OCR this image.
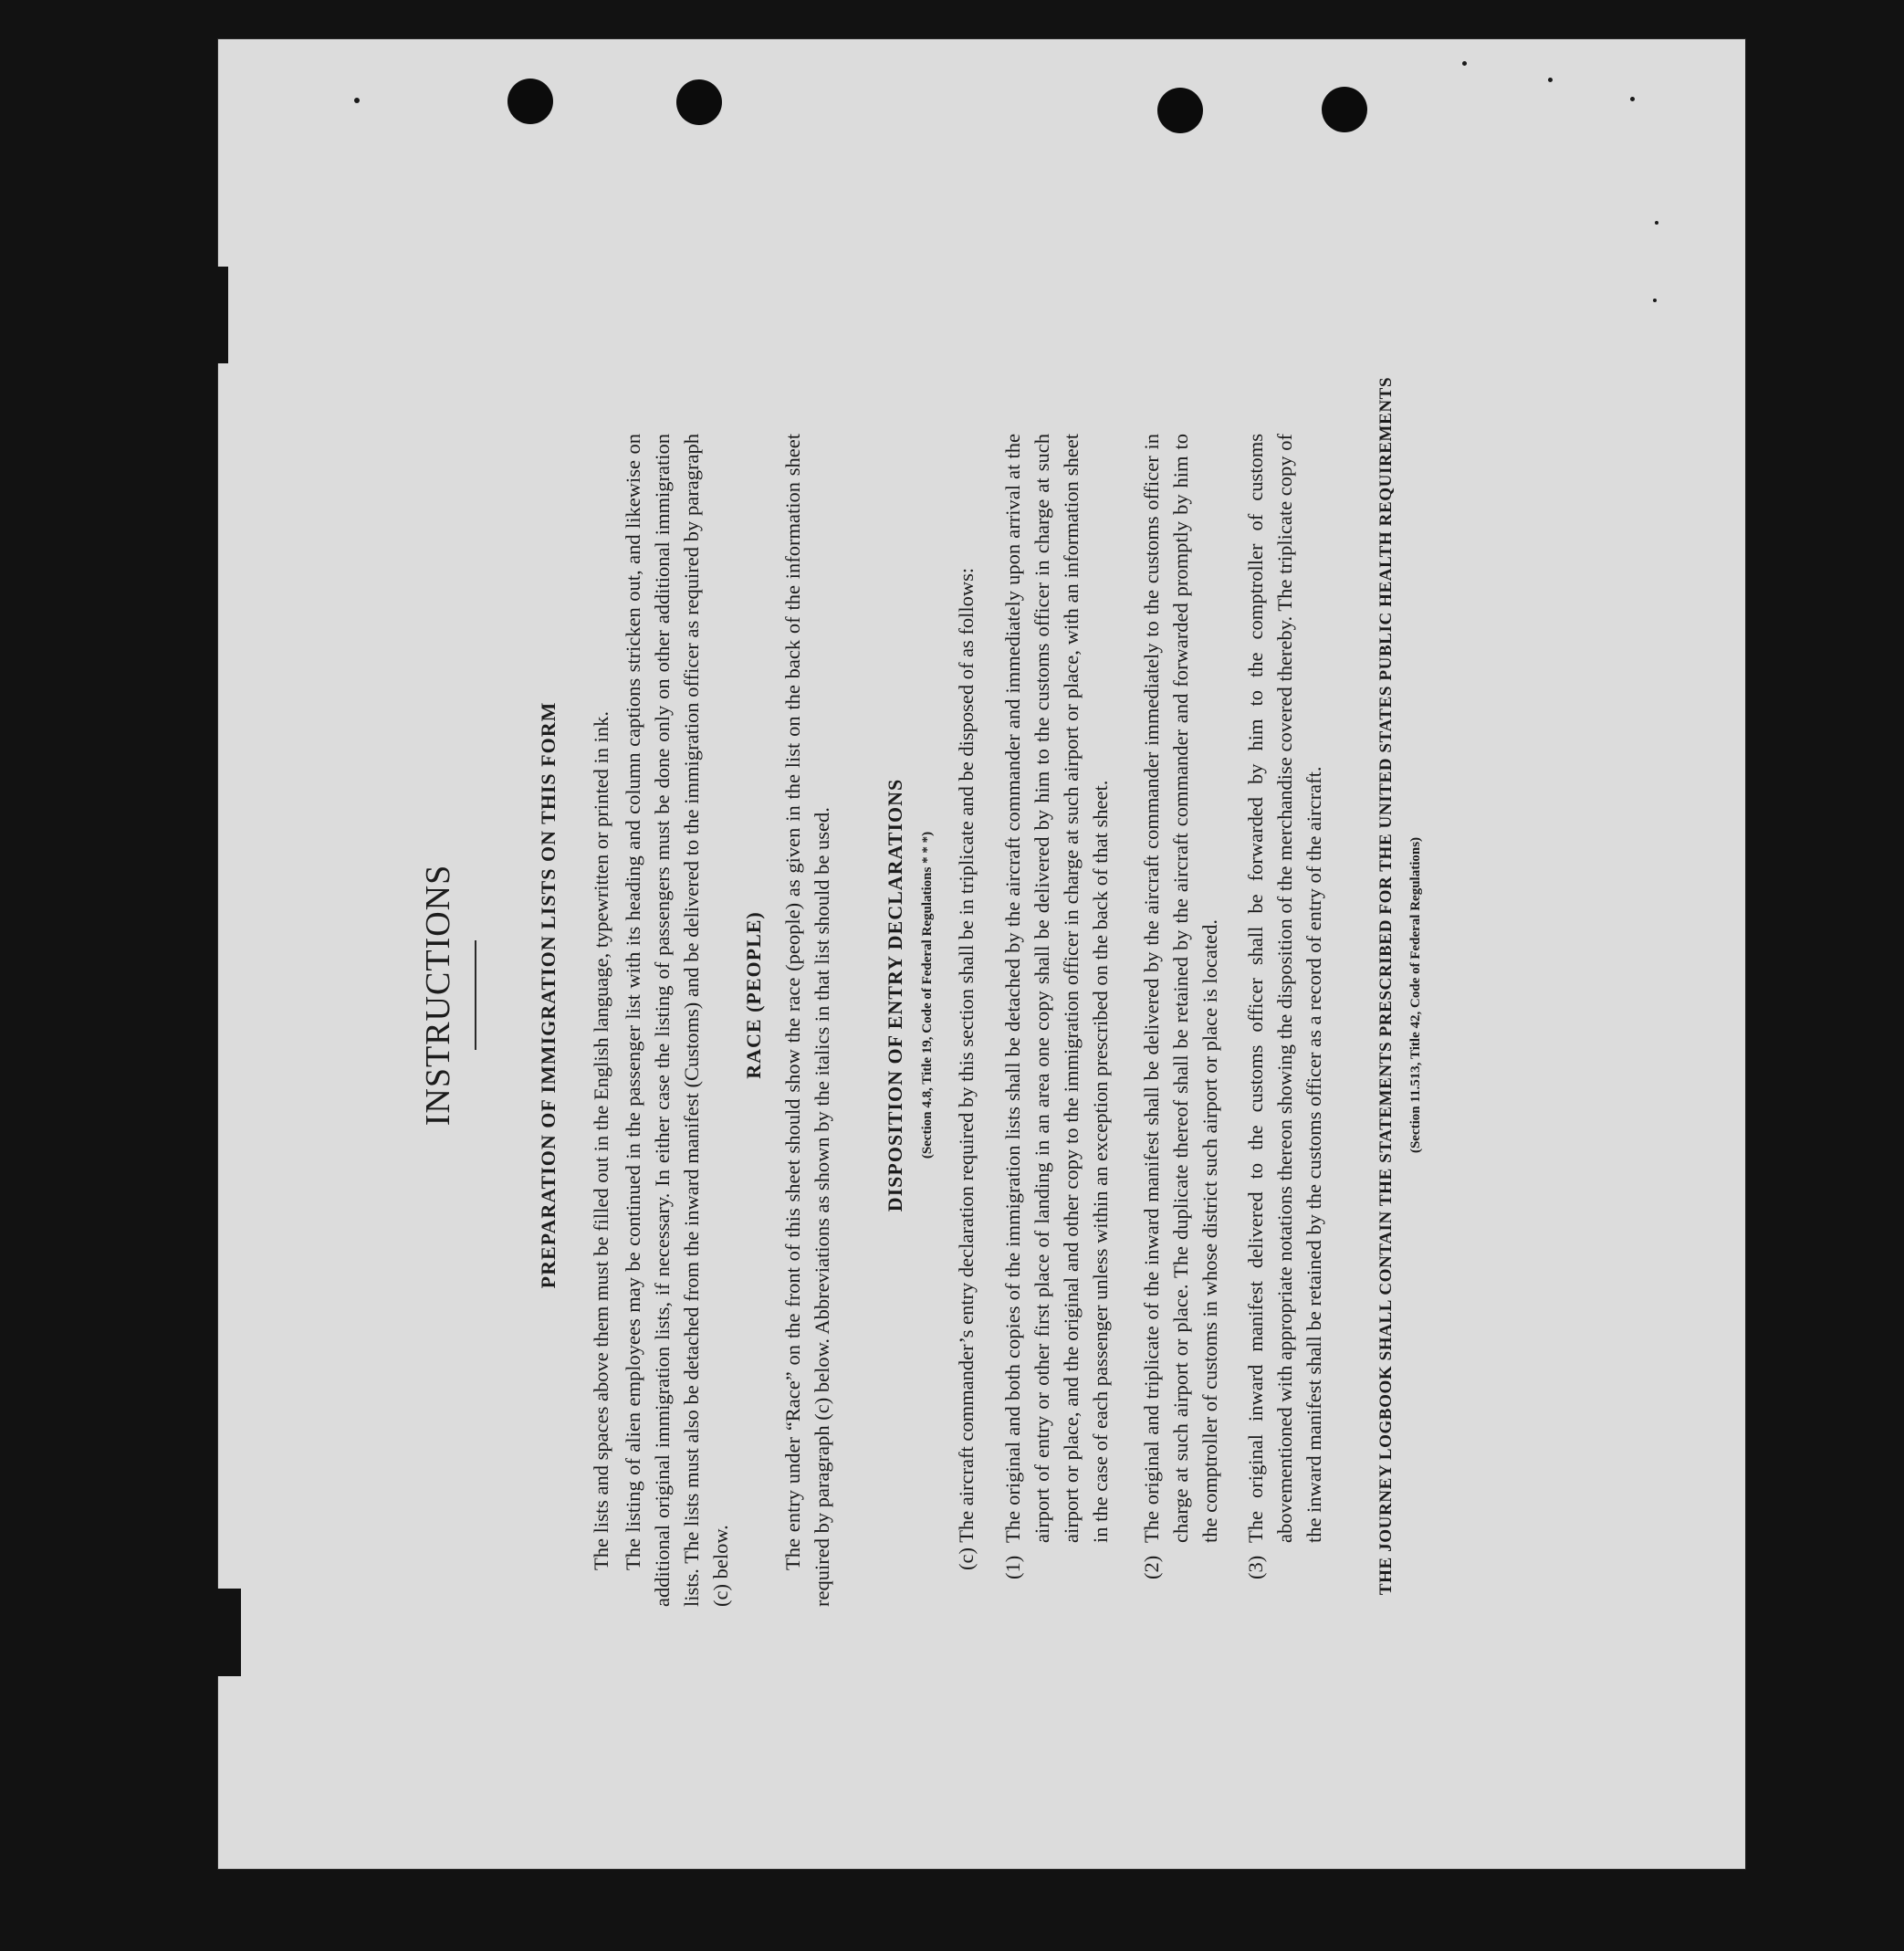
INSTRUCTIONS	PREPARATION OF IMMIGRATION LISTS ON THIS FORM The lists and spaces above them must be filled out in the English language, typewritten or printed in ink. The listing of alien employees may be continued in the passenger list with its heading and column captions stricken out, and likewise on additional original immigration lists, if necessary. In either case the listing of passengers must be done only on other additional immigration lists. The lists must also be detached from the inward manifest (Customs) and be delivered to the immigration officer as required by paragraph (c) below.
RACE (PEOPLE) The entry under “Race” on the front of this sheet should show the race (people) as given in the list on the back of the information sheet required by paragraph (c) below. Abbreviations as shown by the italics in that list should be used.	DISPOSITION OF ENTRY DECLARATIONS (Section 4.8, Title 19, Code of Federal Regulations * * *) (c) The aircraft commander’s entry declaration required by this section shall be in triplicate and be disposed of as follows: (1)
The original and both copies of the immigration lists shall be detached by the aircraft commander and immediately upon arrival at the airport of entry or other first place of landing in an area one copy shall be delivered by him to the customs officer in charge at such airport or place, and the original and other copy to the immigration officer in charge at such airport or place, with an information sheet in the case of each passenger unless within an exception prescribed on the back of that sheet.
(2)
The original and triplicate of the inward manifest shall be delivered by the aircraft commander immediately to the customs officer in charge at such airport or place. The duplicate thereof shall be retained by the aircraft commander and forwarded promptly by him to the comptroller of customs in whose district such airport or place is located.
(3)
The original inward manifest delivered to the customs officer shall be forwarded by him to the comptroller of customs abovementioned with appropriate notations thereon showing the disposition of the merchandise covered thereby. The triplicate copy of the inward manifest shall be retained by the customs officer as a record of entry of the aircraft.	THE JOURNEY LOGBOOK SHALL CONTAIN THE STATEMENTS PRESCRIBED FOR THE UNITED STATES PUBLIC HEALTH REQUIREMENTS (Section 11.513, Title 42, Code of Federal Regulations)
